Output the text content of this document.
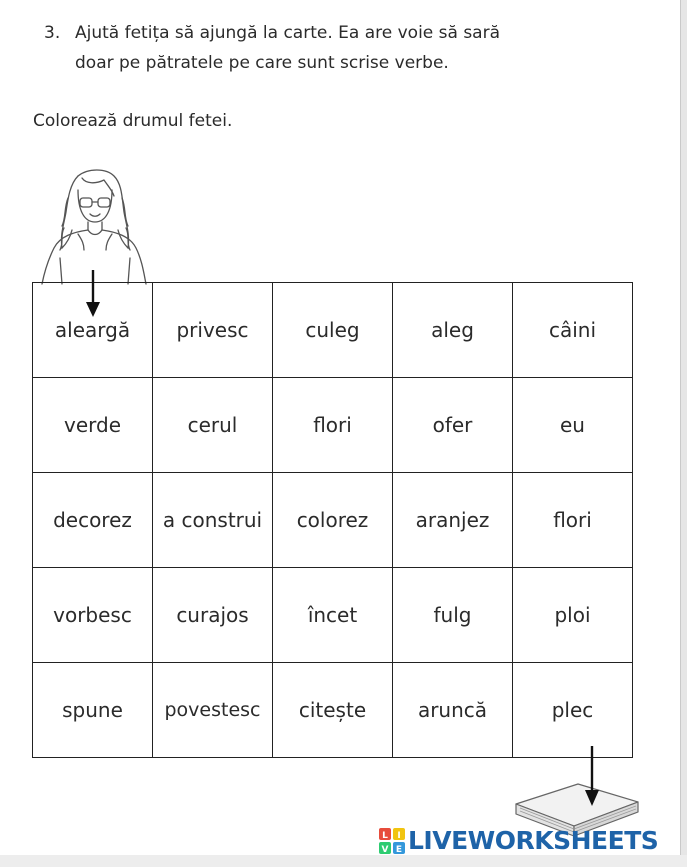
3. Ajută fetița să ajungă la carte. Ea are voie să sară
doar pe pătratele pe care sunt scrise verbe.
Colorează drumul fetei.
aleargă	privesc	culeg	aleg	câini
verde	cerul	flori	ofer	eu
decorez	a construi	colorez	aranjez	flori
vorbesc	curajos	încet	fulg	ploi
spune	povestesc	citește	aruncă	plec
L I
V E LIVEWORKSHEETS
